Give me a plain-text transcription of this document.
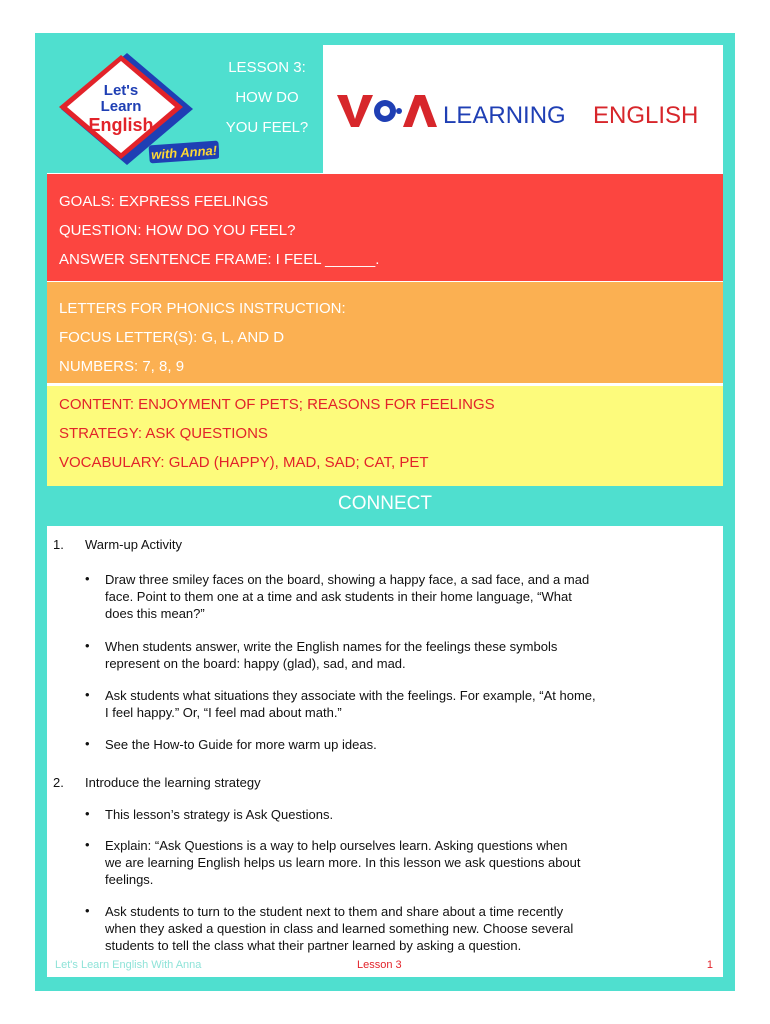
Let's
Learn
English
with Anna!
LESSON 3:
HOW DO
YOU FEEL?
VOA	LEARNING ENGLISH
GOALS: EXPRESS FEELINGS
QUESTION: HOW DO YOU FEEL?
ANSWER SENTENCE FRAME: I FEEL ______.
LETTERS FOR PHONICS INSTRUCTION:
FOCUS LETTER(S): G, L, AND D
NUMBERS: 7, 8, 9
CONTENT: ENJOYMENT OF PETS; REASONS FOR FEELINGS
STRATEGY: ASK QUESTIONS
VOCABULARY: GLAD (HAPPY), MAD, SAD; CAT, PET
CONNECT
1. Warm-up Activity
• Draw three smiley faces on the board, showing a happy face, a sad face, and a mad
face. Point to them one at a time and ask students in their home language, “What
does this mean?”
• When students answer, write the English names for the feelings these symbols
represent on the board: happy (glad), sad, and mad.
• Ask students what situations they associate with the feelings. For example, “At home,
I feel happy.” Or, “I feel mad about math.”
• See the How-to Guide for more warm up ideas.
2. Introduce the learning strategy
• This lesson’s strategy is Ask Questions.
• Explain: “Ask Questions is a way to help ourselves learn. Asking questions when
we are learning English helps us learn more. In this lesson we ask questions about
feelings.
• Ask students to turn to the student next to them and share about a time recently
when they asked a question in class and learned something new. Choose several
students to tell the class what their partner learned by asking a question.
Let's Learn English With Anna	Lesson 3	1
